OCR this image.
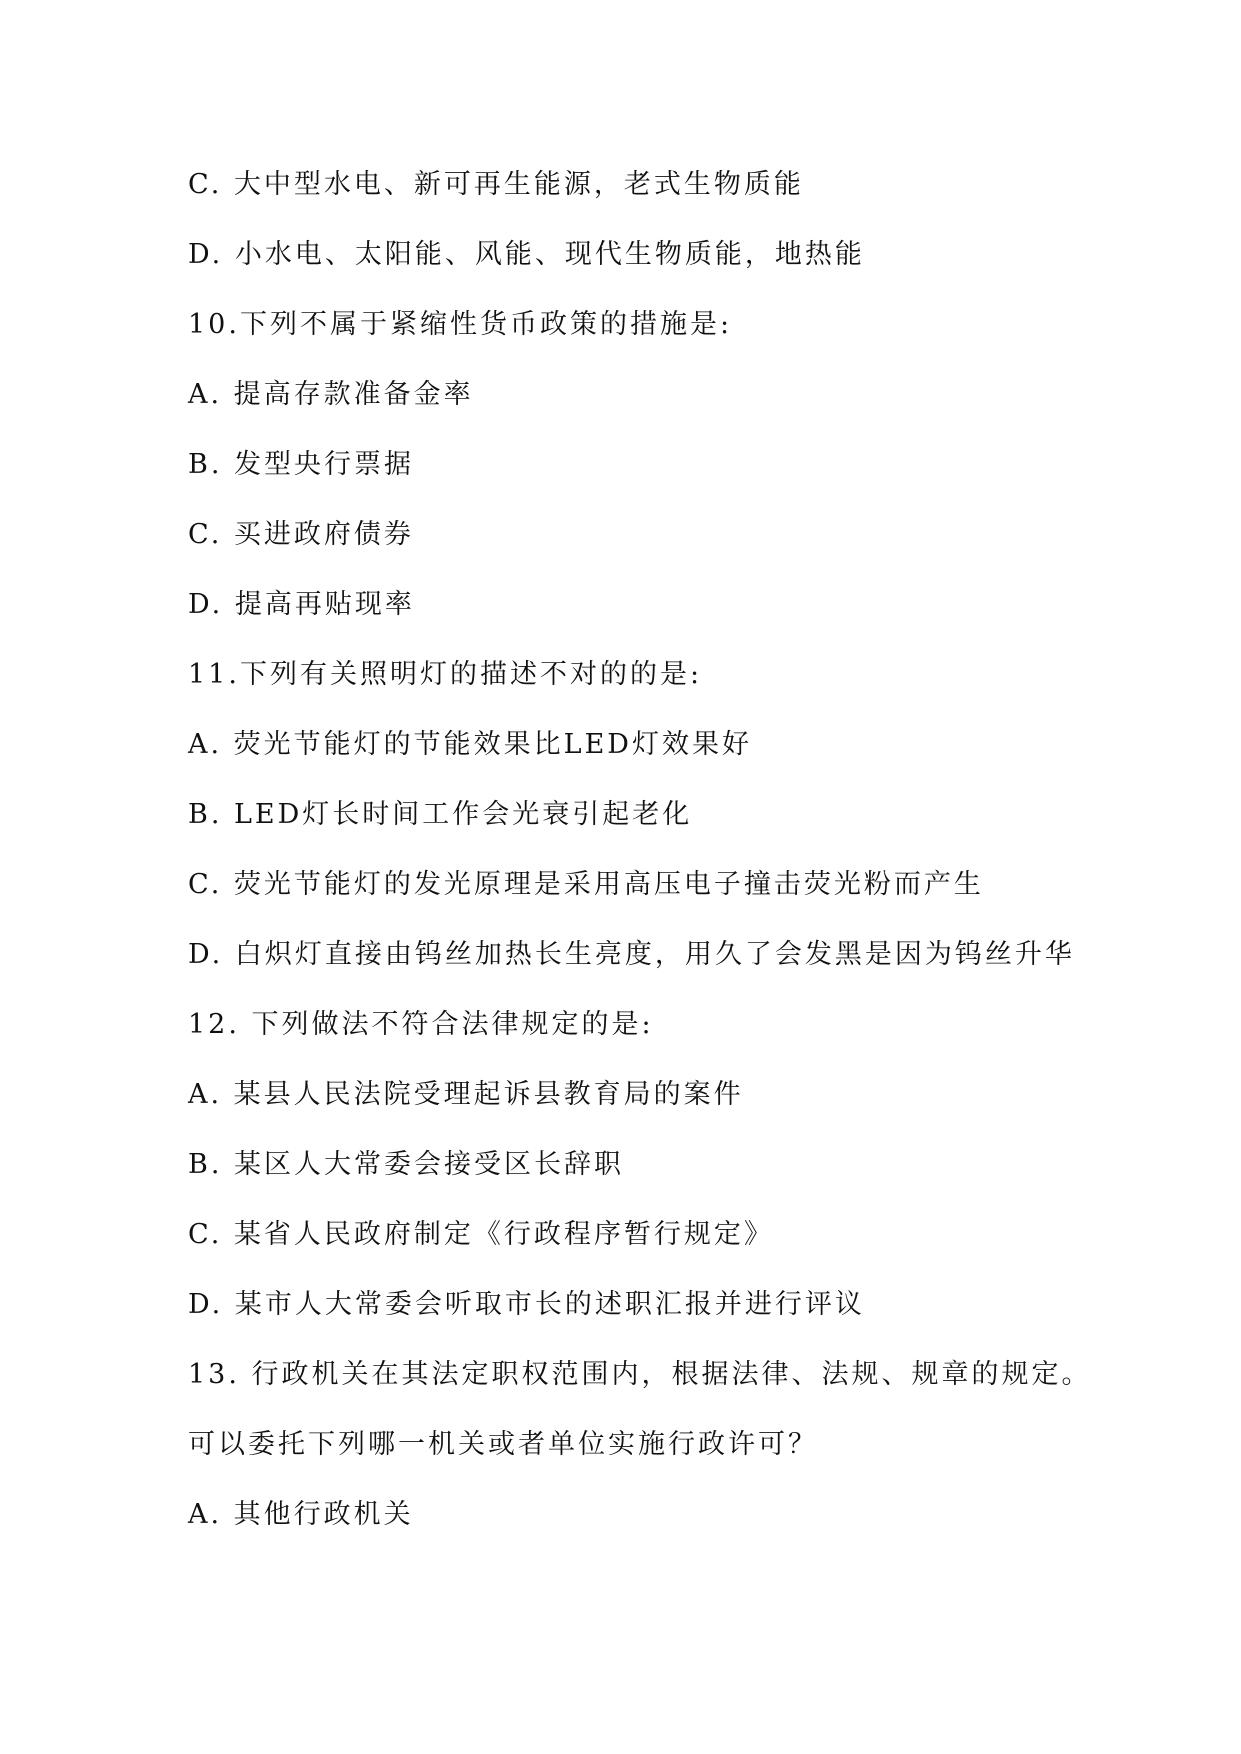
C. 大中型水电、新可再生能源，老式生物质能
D. 小水电、太阳能、风能、现代生物质能，地热能
10.下列不属于紧缩性货币政策的措施是:
A. 提高存款准备金率
B. 发型央行票据
C. 买进政府债券
D. 提高再贴现率
11.下列有关照明灯的描述不对的的是:
A. 荧光节能灯的节能效果比LED灯效果好
B. LED灯长时间工作会光衰引起老化
C. 荧光节能灯的发光原理是采用高压电子撞击荧光粉而产生
D. 白炽灯直接由钨丝加热长生亮度，用久了会发黑是因为钨丝升华
12. 下列做法不符合法律规定的是:
A. 某县人民法院受理起诉县教育局的案件
B. 某区人大常委会接受区长辞职
C. 某省人民政府制定《行政程序暂行规定》
D. 某市人大常委会听取市长的述职汇报并进行评议
13. 行政机关在其法定职权范围内，根据法律、法规、规章的规定。
可以委托下列哪一机关或者单位实施行政许可？
A. 其他行政机关
